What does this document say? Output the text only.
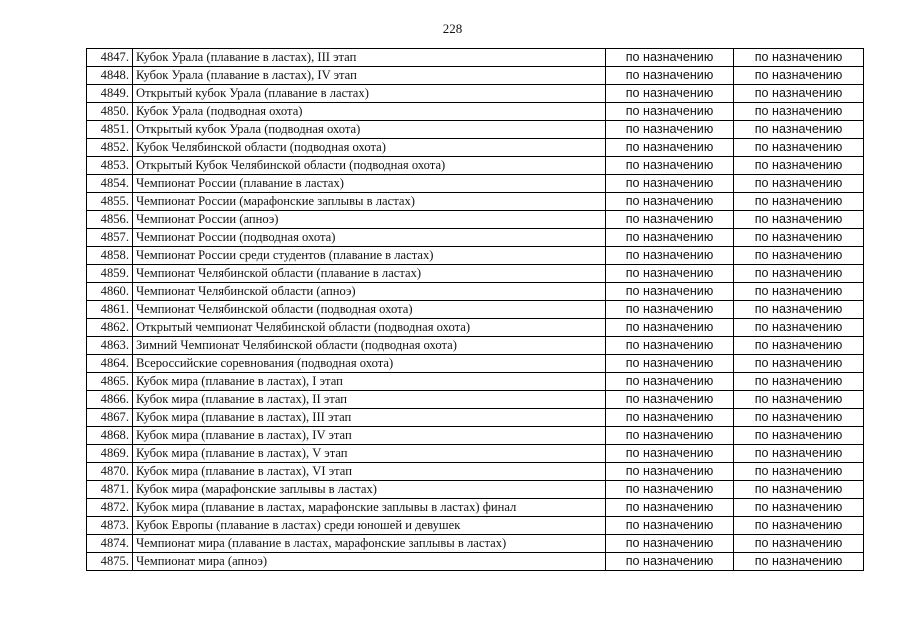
228
4847.	Кубок Урала (плавание в ластах), III этап	по назначению	по назначению
4848.	Кубок Урала (плавание в ластах), IV этап	по назначению	по назначению
4849.	Открытый кубок Урала (плавание в ластах)	по назначению	по назначению
4850.	Кубок Урала (подводная охота)	по назначению	по назначению
4851.	Открытый кубок Урала (подводная охота)	по назначению	по назначению
4852.	Кубок Челябинской области (подводная охота)	по назначению	по назначению
4853.	Открытый Кубок Челябинской области (подводная охота)	по назначению	по назначению
4854.	Чемпионат России (плавание в ластах)	по назначению	по назначению
4855.	Чемпионат России (марафонские заплывы в ластах)	по назначению	по назначению
4856.	Чемпионат России (апноэ)	по назначению	по назначению
4857.	Чемпионат России (подводная охота)	по назначению	по назначению
4858.	Чемпионат России среди студентов (плавание в ластах)	по назначению	по назначению
4859.	Чемпионат Челябинской области (плавание в ластах)	по назначению	по назначению
4860.	Чемпионат Челябинской области (апноэ)	по назначению	по назначению
4861.	Чемпионат Челябинской области (подводная охота)	по назначению	по назначению
4862.	Открытый чемпионат Челябинской области (подводная охота)	по назначению	по назначению
4863.	Зимний Чемпионат Челябинской области (подводная охота)	по назначению	по назначению
4864.	Всероссийские соревнования (подводная охота)	по назначению	по назначению
4865.	Кубок мира (плавание в ластах), I этап	по назначению	по назначению
4866.	Кубок мира (плавание в ластах), II этап	по назначению	по назначению
4867.	Кубок мира (плавание в ластах), III этап	по назначению	по назначению
4868.	Кубок мира (плавание в ластах), IV этап	по назначению	по назначению
4869.	Кубок мира (плавание в ластах), V этап	по назначению	по назначению
4870.	Кубок мира (плавание в ластах), VI этап	по назначению	по назначению
4871.	Кубок мира (марафонские заплывы в ластах)	по назначению	по назначению
4872.	Кубок мира (плавание в ластах, марафонские заплывы в ластах) финал	по назначению	по назначению
4873.	Кубок Европы (плавание в ластах) среди юношей и девушек	по назначению	по назначению
4874.	Чемпионат мира (плавание в ластах, марафонские заплывы в ластах)	по назначению	по назначению
4875.	Чемпионат мира (апноэ)	по назначению	по назначению
